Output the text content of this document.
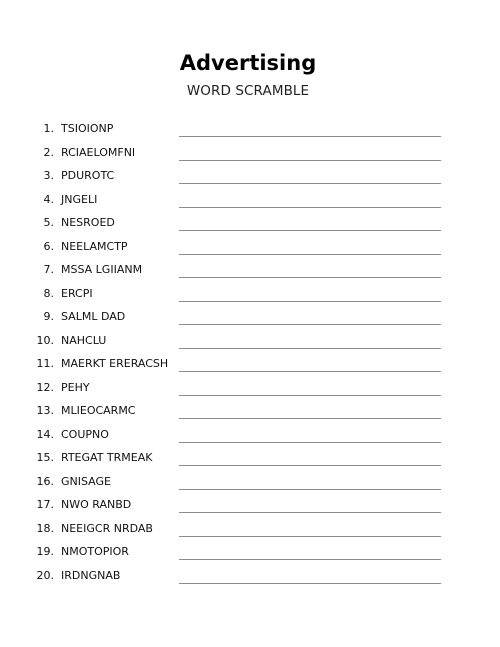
Advertising
WORD SCRAMBLE
1. TSIOIONP
2. RCIAELOMFNI
3. PDUROTC
4. JNGELI
5. NESROED
6. NEELAMCTP
7. MSSA LGIIANM
8. ERCPI
9. SALML DAD
10. NAHCLU
11. MAERKT ERERACSH
12. PEHY
13. MLIEOCARMC
14. COUPNO
15. RTEGAT TRMEAK
16. GNISAGE
17. NWO RANBD
18. NEEIGCR NRDAB
19. NMOTOPIOR
20. IRDNGNAB
